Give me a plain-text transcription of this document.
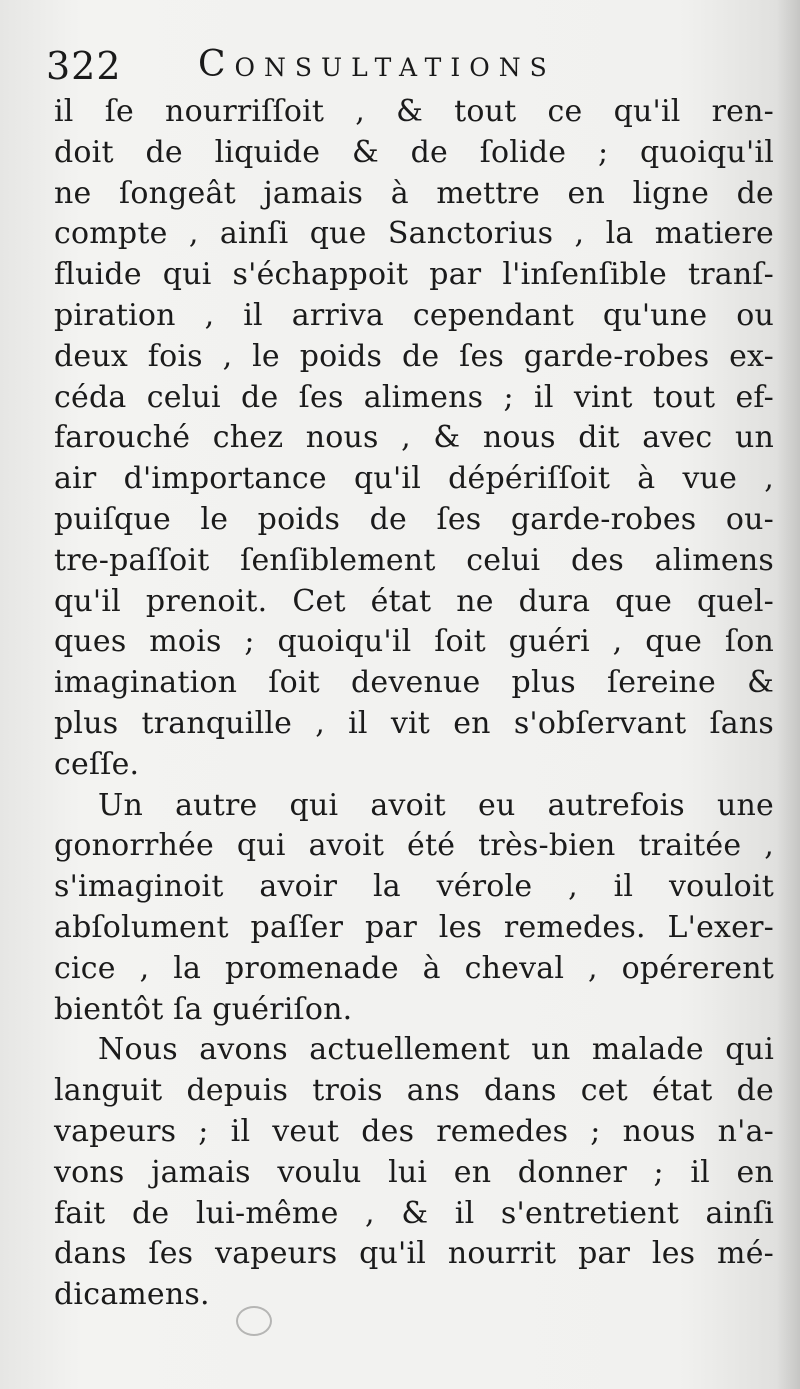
322 Consultations
il ſe nourriſſoit , & tout ce qu'il ren-
doit de liquide & de ſolide ; quoiqu'il
ne ſongeât jamais à mettre en ligne de
compte , ainſi que Sanctorius , la matiere
fluide qui s'échappoit par l'inſenſible tranſ-
piration , il arriva cependant qu'une ou
deux fois , le poids de ſes garde-robes ex-
céda celui de ſes alimens ; il vint tout ef-
farouché chez nous , & nous dit avec un
air d'importance qu'il dépériſſoit à vue ,
puiſque le poids de ſes garde-robes ou-
tre-paſſoit ſenſiblement celui des alimens
qu'il prenoit. Cet état ne dura que quel-
ques mois ; quoiqu'il ſoit guéri , que ſon
imagination ſoit devenue plus ſereine &
plus tranquille , il vit en s'obſervant ſans
ceſſe.
Un autre qui avoit eu autrefois une
gonorrhée qui avoit été très-bien traitée ,
s'imaginoit avoir la vérole , il vouloit
abſolument paſſer par les remedes. L'exer-
cice , la promenade à cheval , opérerent
bientôt ſa guériſon.
Nous avons actuellement un malade qui
languit depuis trois ans dans cet état de
vapeurs ; il veut des remedes ; nous n'a-
vons jamais voulu lui en donner ; il en
fait de lui-même , & il s'entretient ainſi
dans ſes vapeurs qu'il nourrit par les mé-
dicamens.
